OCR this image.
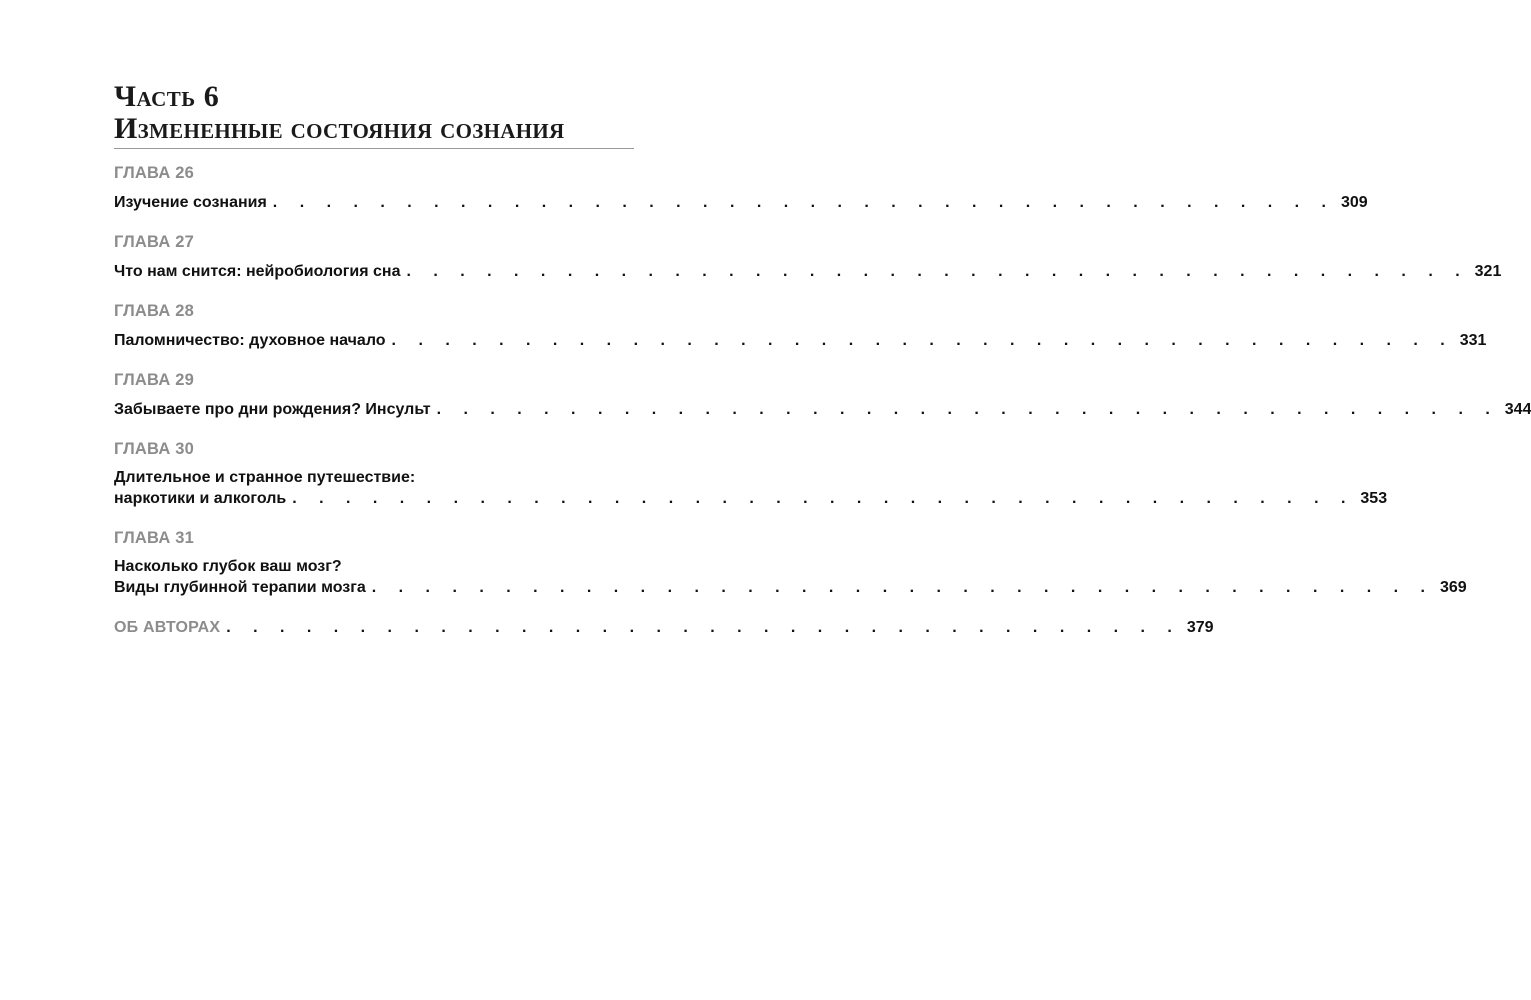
Часть 6
Измененные состояния сознания
ГЛАВА 26
Изучение сознания . . . . . . . . . . . . . . . . . . . . . . . . . . . . . . . . . . . . . . . . 309
ГЛАВА 27
Что нам снится: нейробиология сна . . . . . . . . . . . . . . . . . . . . . . . . . . . . . . . . . . . . . . . . 321
ГЛАВА 28
Паломничество: духовное начало . . . . . . . . . . . . . . . . . . . . . . . . . . . . . . . . . . . . . . . . 331
ГЛАВА 29
Забываете про дни рождения? Инсульт . . . . . . . . . . . . . . . . . . . . . . . . . . . . . . . . . . . . . . . . 344
ГЛАВА 30
Длительное и странное путешествие:
наркотики и алкоголь . . . . . . . . . . . . . . . . . . . . . . . . . . . . . . . . . . . . . . . . 353
ГЛАВА 31
Насколько глубок ваш мозг?
Виды глубинной терапии мозга . . . . . . . . . . . . . . . . . . . . . . . . . . . . . . . . . . . . . . . . 369
ОБ АВТОРАХ . . . . . . . . . . . . . . . . . . . . . . . . . . . . . . . . . . . . 379
